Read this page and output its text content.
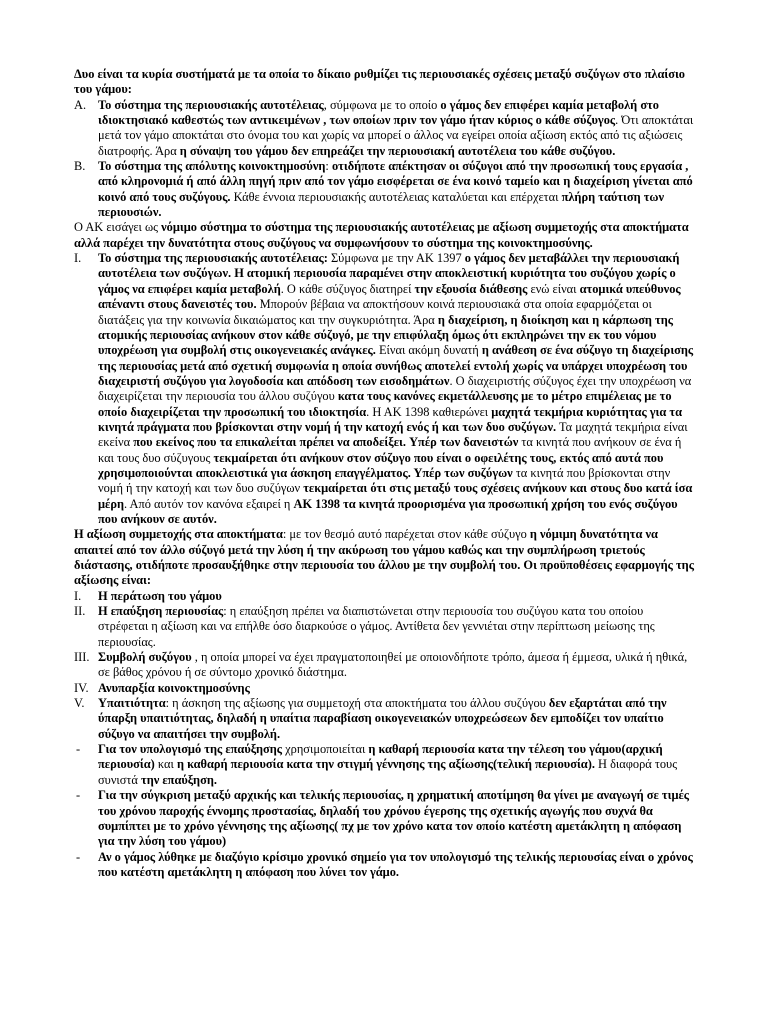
Δυο είναι τα κυρία συστήματά με τα οποία το δίκαιο ρυθμίζει τις περιουσιακές σχέσεις μεταξύ συζύγων στο πλαίσιο του γάμου:
A. Το σύστημα της περιουσιακής αυτοτέλειας, σύμφωνα με το οποίο ο γάμος δεν επιφέρει καμία μεταβολή στο ιδιοκτησιακό καθεστώς των αντικειμένων , των οποίων πριν τον γάμο ήταν κύριος ο κάθε σύζυγος. Ότι αποκτάται μετά τον γάμο αποκτάται στο όνομα του και χωρίς να μπορεί ο άλλος να εγείρει οποία αξίωση εκτός από τις αξιώσεις διατροφής. Άρα η σύναψη του γάμου δεν επηρεάζει την περιουσιακή αυτοτέλεια του κάθε συζύγου.
B. Το σύστημα της απόλυτης κοινοκτημοσύνη: οτιδήποτε απέκτησαν οι σύζυγοι από την προσωπική τους εργασία , από κληρονομιά ή από άλλη πηγή πριν από τον γάμο εισφέρεται σε ένα κοινό ταμείο και η διαχείριση γίνεται από κοινό από τους συζύγους. Κάθε έννοια περιουσιακής αυτοτέλειας καταλύεται και επέρχεται πλήρη ταύτιση των περιουσιών.
Ο ΑΚ εισάγει ως νόμιμο σύστημα το σύστημα της περιουσιακής αυτοτέλειας με αξίωση συμμετοχής στα αποκτήματα αλλά παρέχει την δυνατότητα στους συζύγους να συμφωνήσουν το σύστημα της κοινοκτημοσύνης.
I. Το σύστημα της περιουσιακής αυτοτέλειας: Σύμφωνα με την ΑΚ 1397 ο γάμος δεν μεταβάλλει την περιουσιακή αυτοτέλεια των συζύγων. Η ατομική περιουσία παραμένει στην αποκλειστική κυριότητα του συζύγου χωρίς ο γάμος να επιφέρει καμία μεταβολή. Ο κάθε σύζυγος διατηρεί την εξουσία διάθεσης ενώ είναι ατομικά υπεύθυνος απέναντι στους δανειστές του. Μπορούν βέβαια να αποκτήσουν κοινά περιουσιακά στα οποία εφαρμόζεται οι διατάξεις για την κοινωνία δικαιώματος και την συγκυριότητα. Άρα η διαχείριση, η διοίκηση και η κάρπωση της ατομικής περιουσίας ανήκουν στον κάθε σύζυγό, με την επιφύλαξη όμως ότι εκπληρώνει την εκ του νόμου υποχρέωση για συμβολή στις οικογενειακές ανάγκες. Είναι ακόμη δυνατή η ανάθεση σε ένα σύζυγο τη διαχείρισης της περιουσίας μετά από σχετική συμφωνία η οποία συνήθως αποτελεί εντολή χωρίς να υπάρχει υποχρέωση του διαχειριστή συζύγου για λογοδοσία και απόδοση των εισοδημάτων. Ο διαχειριστής σύζυγος έχει την υποχρέωση να διαχειρίζεται την περιουσία του άλλου συζύγου κατα τους κανόνες εκμετάλλευσης με το μέτρο επιμέλειας με το οποίο διαχειρίζεται την προσωπική του ιδιοκτησία. Η ΑΚ 1398 καθιερώνει μαχητά τεκμήρια κυριότητας για τα κινητά πράγματα που βρίσκονται στην νομή ή την κατοχή ενός ή και των δυο συζύγων. Τα μαχητά τεκμήρια είναι εκείνα που εκείνος που τα επικαλείται πρέπει να αποδείξει. Υπέρ των δανειστών τα κινητά που ανήκουν σε ένα ή και τους δυο σύζυγους τεκμαίρεται ότι ανήκουν στον σύζυγο που είναι ο οφειλέτης τους, εκτός από αυτά που χρησιμοποιούνται αποκλειστικά για άσκηση επαγγέλματος. Υπέρ των συζύγων τα κινητά που βρίσκονται στην νομή ή την κατοχή και των δυο συζύγων τεκμαίρεται ότι στις μεταξύ τους σχέσεις ανήκουν και στους δυο κατά ίσα μέρη. Από αυτόν τον κανόνα εξαιρεί η ΑΚ 1398 τα κινητά προορισμένα για προσωπική χρήση του ενός συζύγου που ανήκουν σε αυτόν.
Η αξίωση συμμετοχής στα αποκτήματα: με τον θεσμό αυτό παρέχεται στον κάθε σύζυγο η νόμιμη δυνατότητα να απαιτεί από τον άλλο σύζυγό μετά την λύση ή την ακύρωση του γάμου καθώς και την συμπλήρωση τριετούς διάστασης, οτιδήποτε προσαυξήθηκε στην περιουσία του άλλου με την συμβολή του. Οι προϋποθέσεις εφαρμογής της αξίωσης είναι:
I. Η περάτωση του γάμου
II. Η επαύξηση περιουσίας: η επαύξηση πρέπει να διαπιστώνεται στην περιουσία του συζύγου κατα του οποίου στρέφεται η αξίωση και να επήλθε όσο διαρκούσε ο γάμος. Αντίθετα δεν γεννιέται στην περίπτωση μείωσης της περιουσίας.
III. Συμβολή συζύγου , η οποία μπορεί να έχει πραγματοποιηθεί με οποιονδήποτε τρόπο, άμεσα ή έμμεσα, υλικά ή ηθικά, σε βάθος χρόνου ή σε σύντομο χρονικό διάστημα.
IV. Ανυπαρξία κοινοκτημοσύνης
V. Υπαιτιότητα: η άσκηση της αξίωσης για συμμετοχή στα αποκτήματα του άλλου συζύγου δεν εξαρτάται από την ύπαρξη υπαιτιότητας, δηλαδή η υπαίτια παραβίαση οικογενειακών υποχρεώσεων δεν εμποδίζει τον υπαίτιο σύζυγο να απαιτήσει την συμβολή.
- Για τον υπολογισμό της επαύξησης χρησιμοποιείται η καθαρή περιουσία κατα την τέλεση του γάμου(αρχική περιουσία) και η καθαρή περιουσία κατα την στιγμή γέννησης της αξίωσης(τελική περιουσία). Η διαφορά τους συνιστά την επαύξηση.
- Για την σύγκριση μεταξύ αρχικής και τελικής περιουσίας, η χρηματική αποτίμηση θα γίνει με αναγωγή σε τιμές του χρόνου παροχής έννομης προστασίας, δηλαδή του χρόνου έγερσης της σχετικής αγωγής που συχνά θα συμπίπτει με το χρόνο γέννησης της αξίωσης( πχ με τον χρόνο κατα τον οποίο κατέστη αμετάκλητη η απόφαση για την λύση του γάμου)
- Αν ο γάμος λύθηκε με διαζύγιο κρίσιμο χρονικό σημείο για τον υπολογισμό της τελικής περιουσίας είναι ο χρόνος που κατέστη αμετάκλητη η απόφαση που λύνει τον γάμο.
